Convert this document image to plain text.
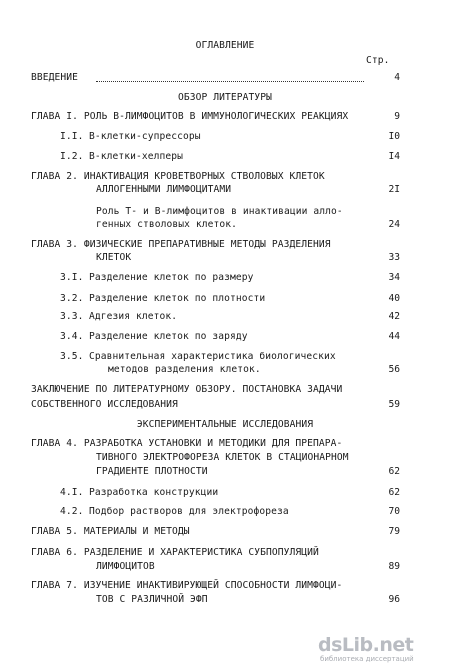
ОГЛАВЛЕНИЕ
Стр.
ВВЕДЕНИЕ	4
ОБЗОР ЛИТЕРАТУРЫ
ГЛАВА I. РОЛЬ В-ЛИМФОЦИТОВ В ИММУНОЛОГИЧЕСКИХ РЕАКЦИЯХ	9
I.I. В-клетки-супрессоры	I0
I.2. В-клетки-хелперы	I4
ГЛАВА 2. ИНАКТИВАЦИЯ КРОВЕТВОРНЫХ СТВОЛОВЫХ КЛЕТОК
АЛЛОГЕННЫМИ ЛИМФОЦИТАМИ	2I
Роль Т- и В-лимфоцитов в инактивации алло-
генных стволовых клеток.	24
ГЛАВА 3. ФИЗИЧЕСКИЕ ПРЕПАРАТИВНЫЕ МЕТОДЫ РАЗДЕЛЕНИЯ
КЛЕТОК	33
3.I. Разделение клеток по размеру	34
3.2. Разделение клеток по плотности	40
3.3. Адгезия клеток.	42
3.4. Разделение клеток по заряду	44
3.5. Сравнительная характеристика биологических
методов разделения клеток.	56
ЗАКЛЮЧЕНИЕ ПО ЛИТЕРАТУРНОМУ ОБЗОРУ. ПОСТАНОВКА ЗАДАЧИ
СОБСТВЕННОГО ИССЛЕДОВАНИЯ	59
ЭКСПЕРИМЕНТАЛЬНЫЕ ИССЛЕДОВАНИЯ
ГЛАВА 4. РАЗРАБОТКА УСТАНОВКИ И МЕТОДИКИ ДЛЯ ПРЕПАРА-
ТИВНОГО ЭЛЕКТРОФОРЕЗА КЛЕТОК В СТАЦИОНАРНОМ
ГРАДИЕНТЕ ПЛОТНОСТИ	62
4.I. Разработка конструкции	62
4.2. Подбор растворов для электрофореза	70
ГЛАВА 5. МАТЕРИАЛЫ И МЕТОДЫ	79
ГЛАВА 6. РАЗДЕЛЕНИЕ И ХАРАКТЕРИСТИКА СУБПОПУЛЯЦИЙ
ЛИМФОЦИТОВ	89
ГЛАВА 7. ИЗУЧЕНИЕ ИНАКТИВИРУЮЩЕЙ СПОСОБНОСТИ ЛИМФОЦИ-
ТОВ С РАЗЛИЧНОЙ ЭФП	96
dsLib.net
библиотека диссертаций
